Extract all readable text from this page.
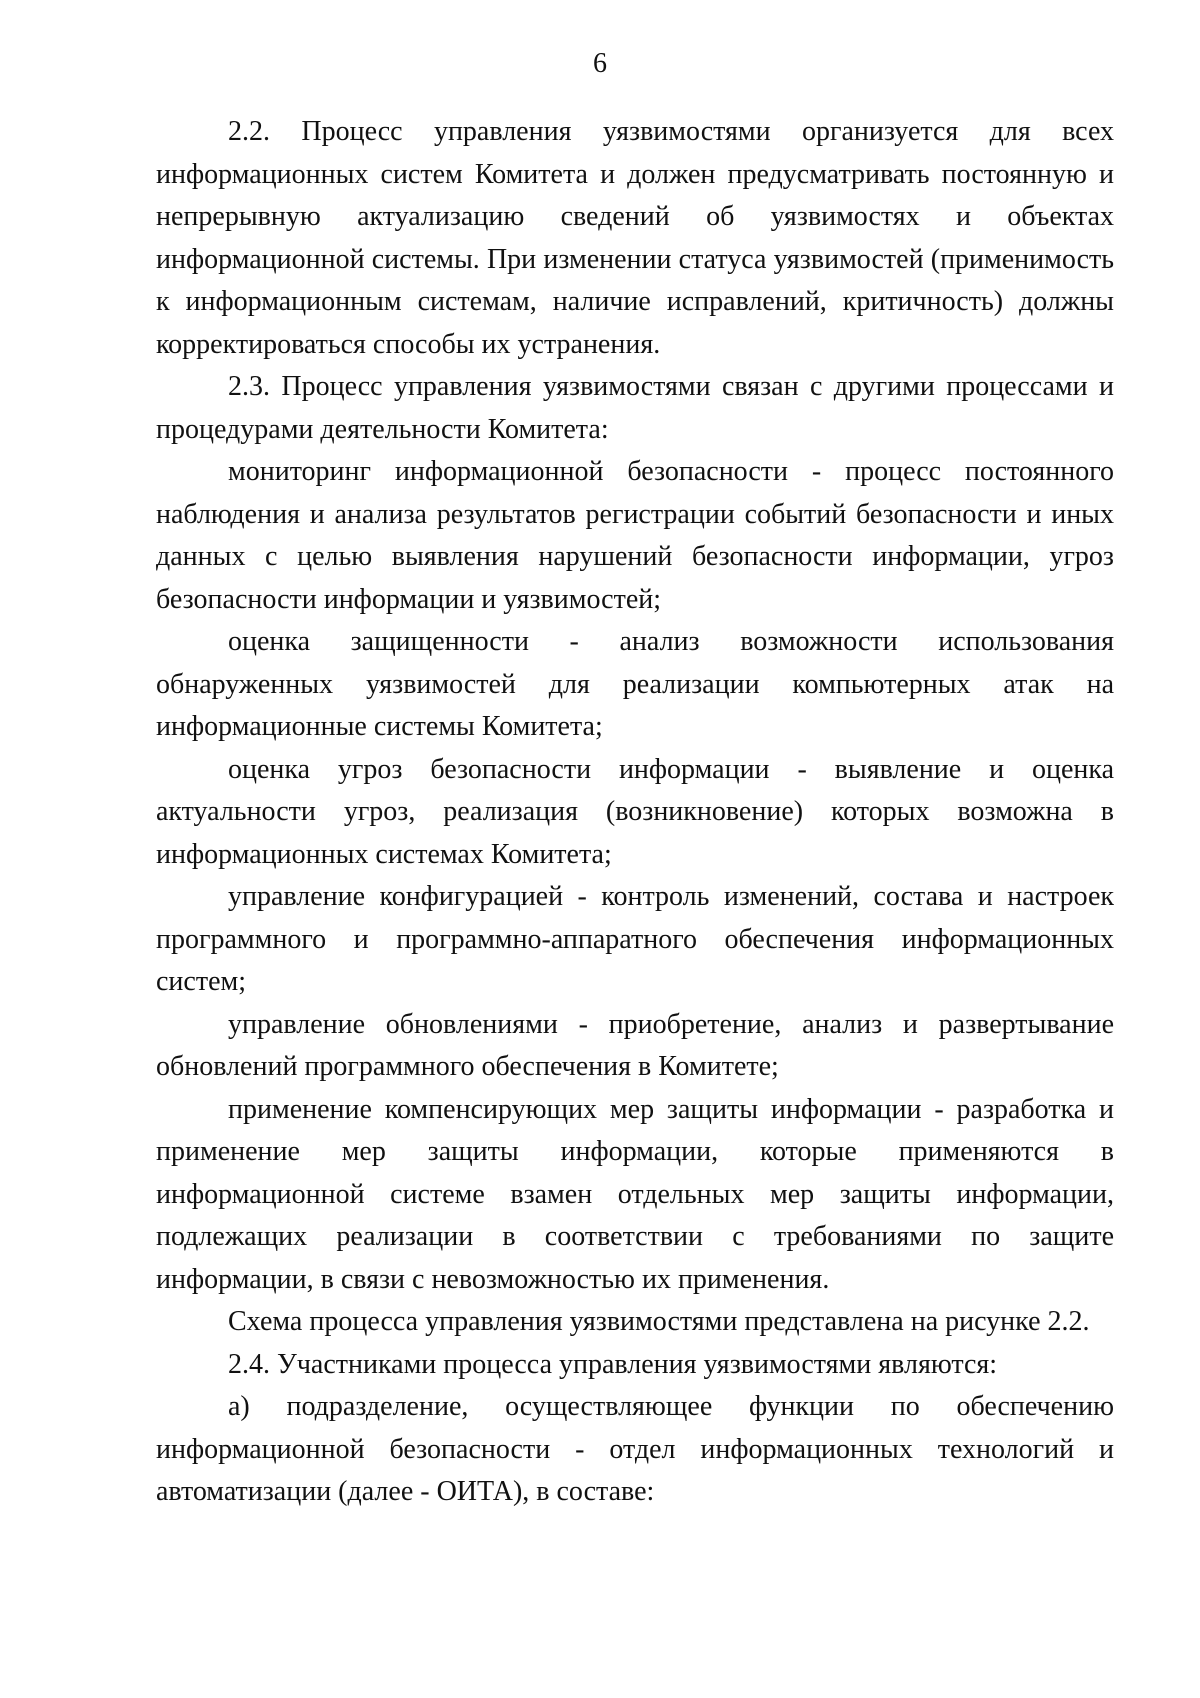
6

2.2. Процесс управления уязвимостями организуется для всех информационных систем Комитета и должен предусматривать постоянную и непрерывную актуализацию сведений об уязвимостях и объектах информационной системы. При изменении статуса уязвимостей (применимость к информационным системам, наличие исправлений, критичность) должны корректироваться способы их устранения.

2.3. Процесс управления уязвимостями связан с другими процессами и процедурами деятельности Комитета:

мониторинг информационной безопасности - процесс постоянного наблюдения и анализа результатов регистрации событий безопасности и иных данных с целью выявления нарушений безопасности информации, угроз безопасности информации и уязвимостей;

оценка защищенности - анализ возможности использования обнаруженных уязвимостей для реализации компьютерных атак на информационные системы Комитета;

оценка угроз безопасности информации - выявление и оценка актуальности угроз, реализация (возникновение) которых возможна в информационных системах Комитета;

управление конфигурацией - контроль изменений, состава и настроек программного и программно-аппаратного обеспечения информационных систем;

управление обновлениями - приобретение, анализ и развертывание обновлений программного обеспечения в Комитете;

применение компенсирующих мер защиты информации - разработка и применение мер защиты информации, которые применяются в информационной системе взамен отдельных мер защиты информации, подлежащих реализации в соответствии с требованиями по защите информации, в связи с невозможностью их применения.

Схема процесса управления уязвимостями представлена на рисунке 2.2.

2.4. Участниками процесса управления уязвимостями являются:

а) подразделение, осуществляющее функции по обеспечению информационной безопасности - отдел информационных технологий и автоматизации (далее - ОИТА), в составе:
